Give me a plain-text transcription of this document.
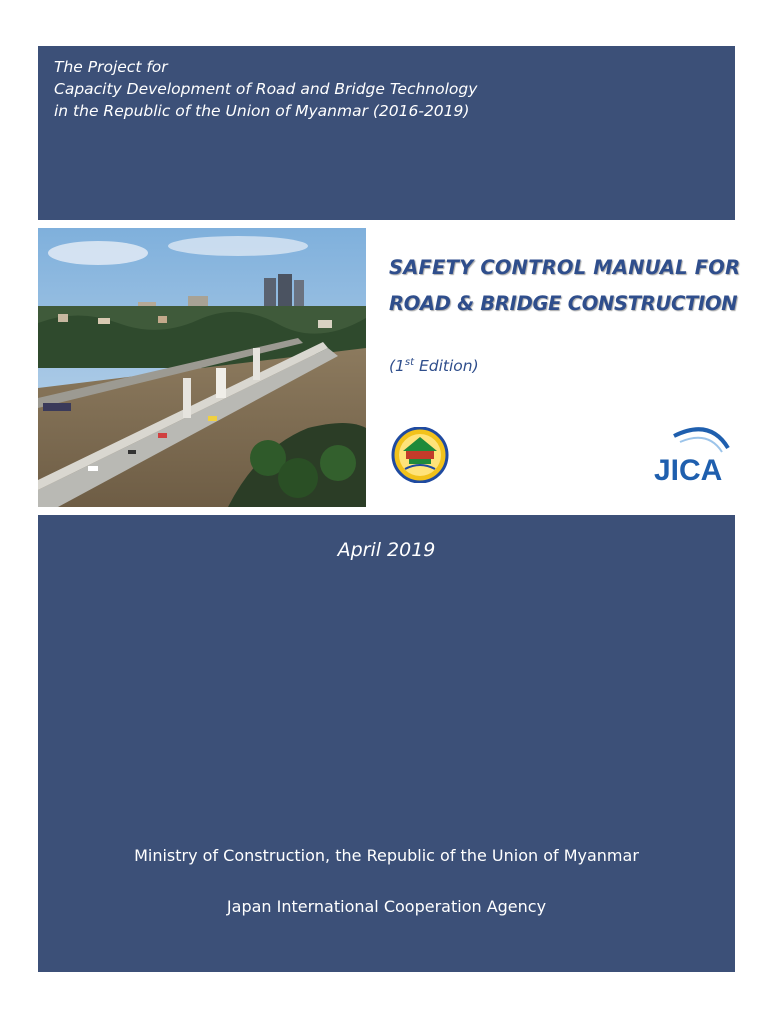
The Project for
Capacity Development of Road and Bridge Technology
in the Republic of the Union of Myanmar (2016-2019)
SAFETY CONTROL MANUAL FOR
ROAD & BRIDGE CONSTRUCTION
(1st Edition)
JICA
April 2019
Ministry of Construction, the Republic of the Union of Myanmar
Japan International Cooperation Agency
